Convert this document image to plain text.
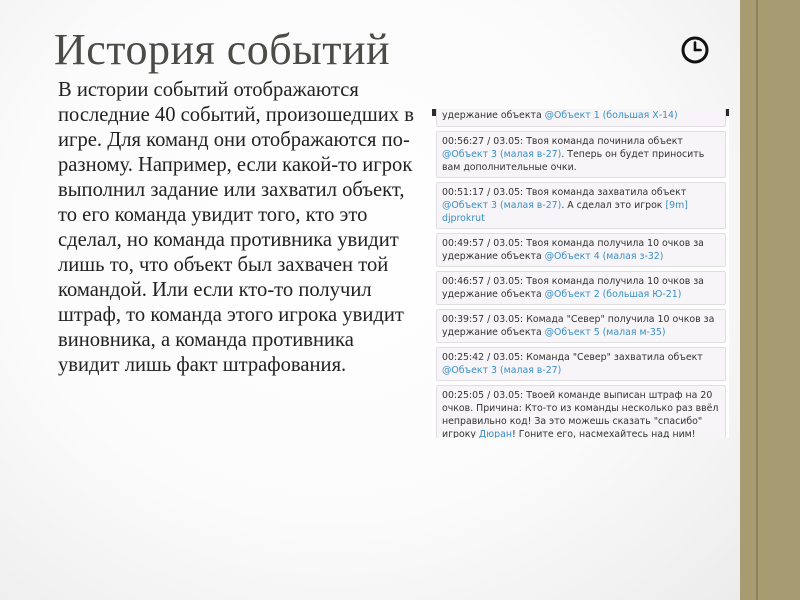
История событий
В истории событий отображаются последние 40 событий, произошедших в игре. Для команд они отображаются по-разному. Например, если какой-то игрок выполнил задание или захватил объект, то его команда увидит того, кто это сделал, но команда противника увидит лишь то, что объект был захвачен той командой. Или если кто-то получил штраф, то команда этого игрока увидит виновника, а команда противника увидит лишь факт штрафования.
удержание объекта @Объект 1 (большая Х-14)
00:56:27 / 03.05: Твоя команда починила объект @Объект 3 (малая в-27). Теперь он будет приносить вам дополнительные очки.
00:51:17 / 03.05: Твоя команда захватила объект @Объект 3 (малая в-27). А сделал это игрок [9m] djprokrut
00:49:57 / 03.05: Твоя команда получила 10 очков за удержание объекта @Объект 4 (малая з-32)
00:46:57 / 03.05: Твоя команда получила 10 очков за удержание объекта @Объект 2 (большая Ю-21)
00:39:57 / 03.05: Комада "Север" получила 10 очков за удержание объекта @Объект 5 (малая м-35)
00:25:42 / 03.05: Команда "Север" захватила объект @Объект 3 (малая в-27)
00:25:05 / 03.05: Твоей команде выписан штраф на 20 очков. Причина: Кто-то из команды несколько раз ввёл неправильно код! За это можешь сказать "спасибо" игроку Дюран! Гоните его, насмехайтесь над ним!
